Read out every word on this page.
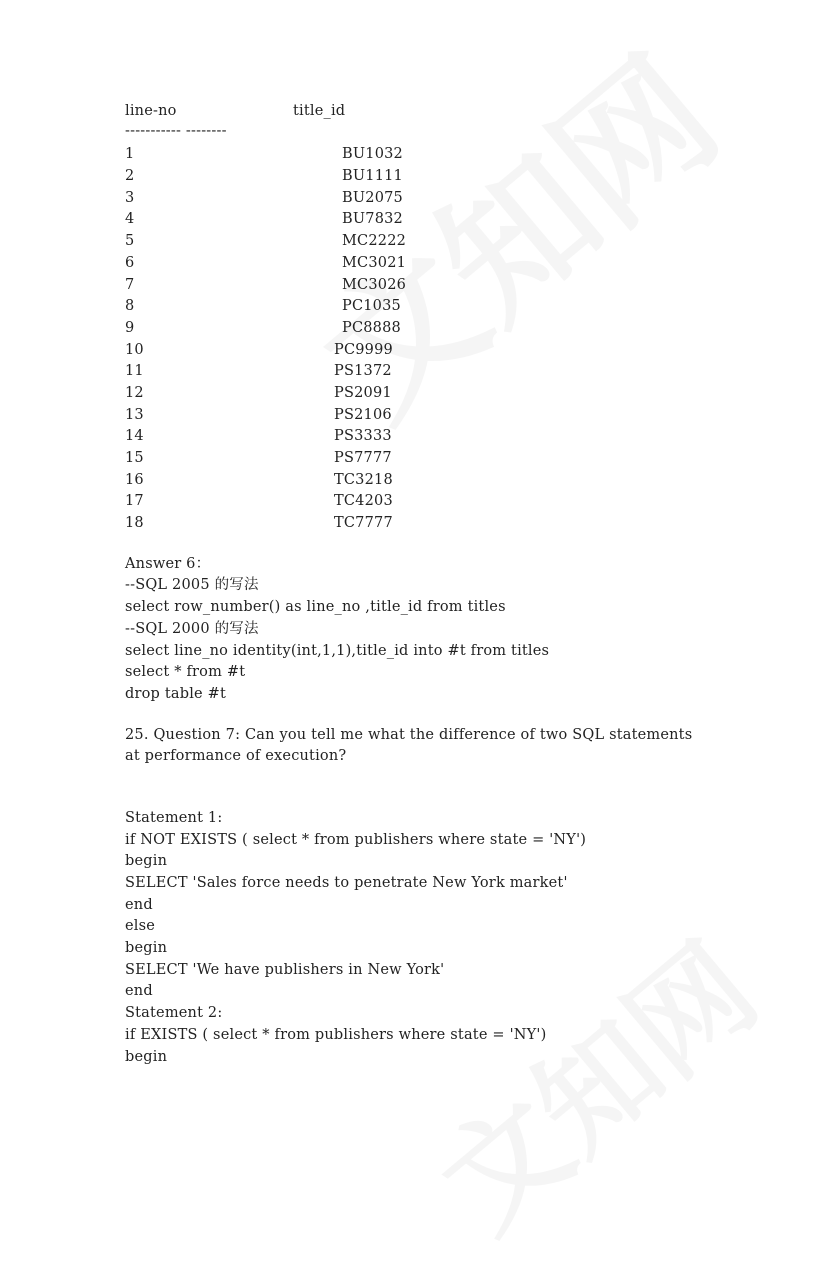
line-no	title_id
----------- --------
1	BU1032
2	BU1111
3	BU2075
4	BU7832
5	MC2222
6	MC3021
7	MC3026
8	PC1035
9	PC8888
10	PC9999
11	PS1372
12	PS2091
13	PS2106
14	PS3333
15	PS7777
16	TC3218
17	TC4203
18	TC7777
Answer 6：
--SQL 2005 的写法
select row_number() as line_no ,title_id from titles
--SQL 2000 的写法
select line_no identity(int,1,1),title_id into #t from titles
select * from #t
drop table #t
25. Question 7: Can you tell me what the difference of two SQL statements
at performance of execution?
Statement 1:
if NOT EXISTS ( select * from publishers where state = 'NY')
begin
SELECT 'Sales force needs to penetrate New York market'
end
else
begin
SELECT 'We have publishers in New York'
end
Statement 2:
if EXISTS ( select * from publishers where state = 'NY')
begin
